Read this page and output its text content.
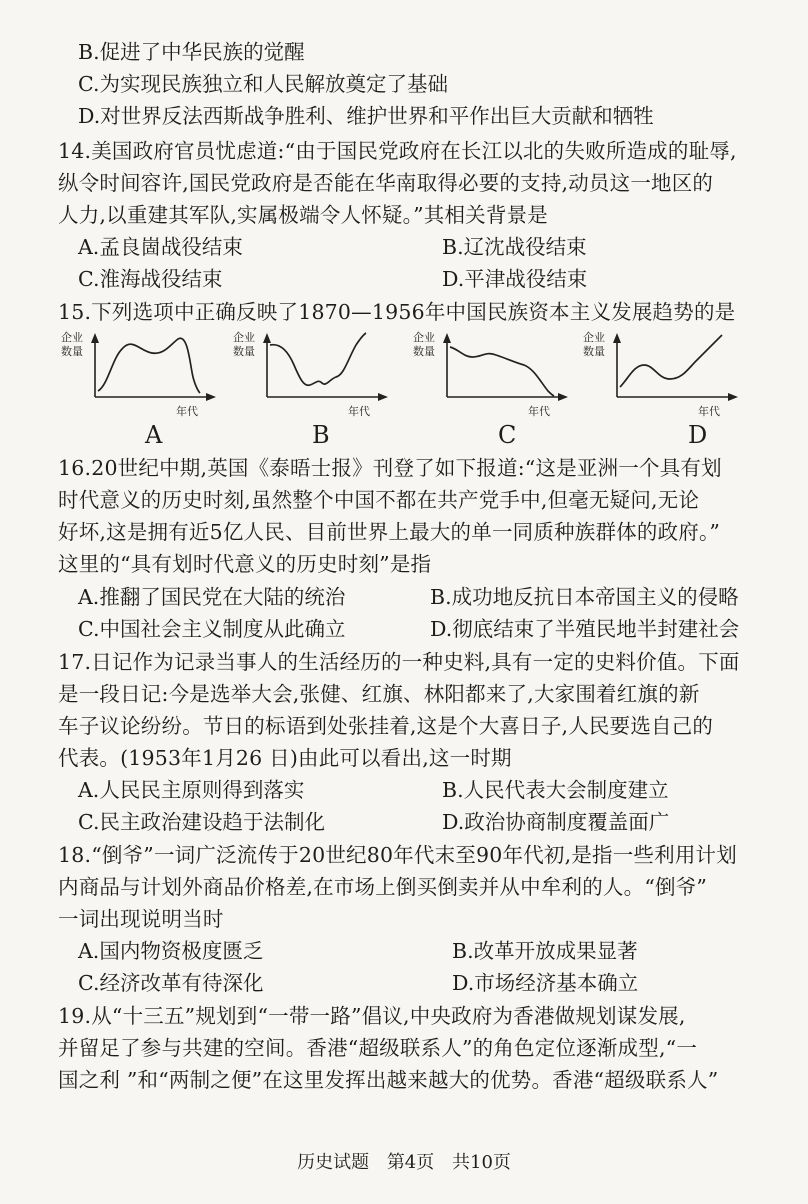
B.促进了中华民族的觉醒
C.为实现民族独立和人民解放奠定了基础
D.对世界反法西斯战争胜利、维护世界和平作出巨大贡献和牺牲
14.美国政府官员忧虑道:“由于国民党政府在长江以北的失败所造成的耻辱,
纵令时间容许,国民党政府是否能在华南取得必要的支持,动员这一地区的
人力,以重建其军队,实属极端令人怀疑。”其相关背景是
A.孟良崮战役结束	B.辽沈战役结束
C.淮海战役结束	D.平津战役结束
15.下列选项中正确反映了1870—1956年中国民族资本主义发展趋势的是
企业
数量
年代
企业
数量
年代
企业
数量
年代
企业
数量
年代
A	B	C	D
16.20世纪中期,英国《泰晤士报》刊登了如下报道:“这是亚洲一个具有划
时代意义的历史时刻,虽然整个中国不都在共产党手中,但毫无疑问,无论
好坏,这是拥有近5亿人民、目前世界上最大的单一同质种族群体的政府。”
这里的“具有划时代意义的历史时刻”是指
A.推翻了国民党在大陆的统治	B.成功地反抗日本帝国主义的侵略
C.中国社会主义制度从此确立	D.彻底结束了半殖民地半封建社会
17.日记作为记录当事人的生活经历的一种史料,具有一定的史料价值。下面
是一段日记:今是选举大会,张健、红旗、林阳都来了,大家围着红旗的新
车子议论纷纷。节日的标语到处张挂着,这是个大喜日子,人民要选自己的
代表。(1953年1月26 日)由此可以看出,这一时期
A.人民民主原则得到落实	B.人民代表大会制度建立
C.民主政治建设趋于法制化	D.政治协商制度覆盖面广
18.“倒爷”一词广泛流传于20世纪80年代末至90年代初,是指一些利用计划
内商品与计划外商品价格差,在市场上倒买倒卖并从中牟利的人。“倒爷”
一词出现说明当时
A.国内物资极度匮乏	B.改革开放成果显著
C.经济改革有待深化	D.市场经济基本确立
19.从“十三五”规划到“一带一路”倡议,中央政府为香港做规划谋发展,
并留足了参与共建的空间。香港“超级联系人”的角色定位逐渐成型,“一
国之利 ”和“两制之便”在这里发挥出越来越大的优势。香港“超级联系人”
历史试题 第4页 共10页
